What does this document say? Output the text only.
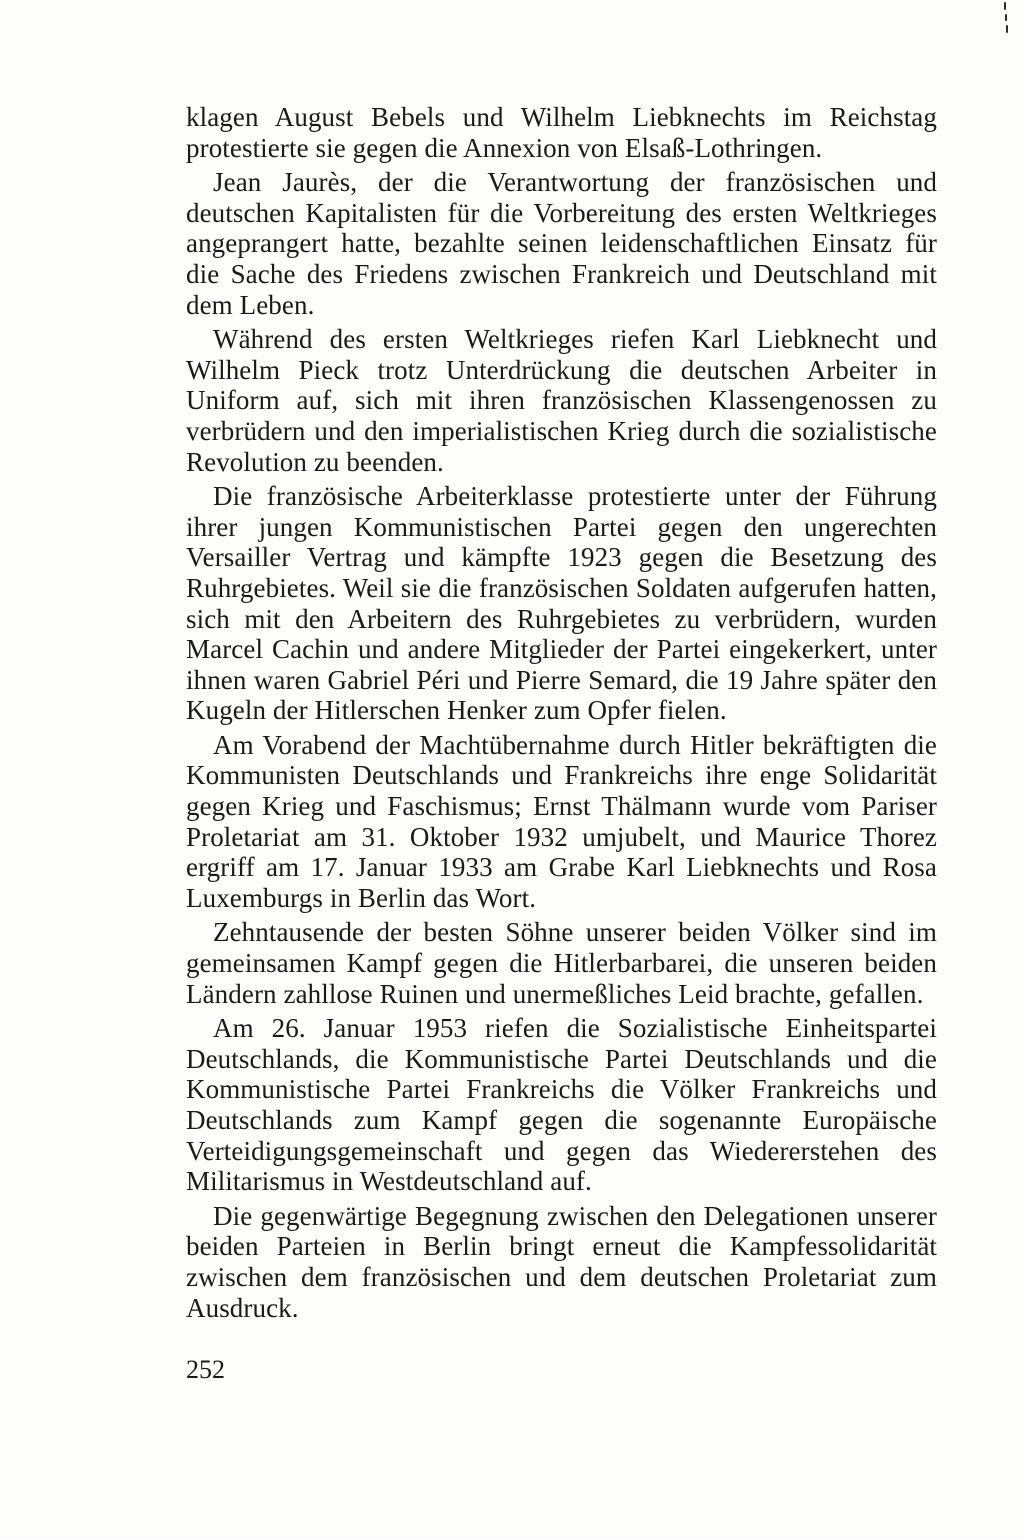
klagen August Bebels und Wilhelm Liebknechts im Reichstag protestierte sie gegen die Annexion von Elsaß-Lothringen.

Jean Jaurès, der die Verantwortung der französischen und deutschen Kapitalisten für die Vorbereitung des ersten Weltkrieges angeprangert hatte, bezahlte seinen leidenschaftlichen Einsatz für die Sache des Friedens zwischen Frankreich und Deutschland mit dem Leben.

Während des ersten Weltkrieges riefen Karl Liebknecht und Wilhelm Pieck trotz Unterdrückung die deutschen Arbeiter in Uniform auf, sich mit ihren französischen Klassengenossen zu verbrüdern und den imperialistischen Krieg durch die sozialistische Revolution zu beenden.

Die französische Arbeiterklasse protestierte unter der Führung ihrer jungen Kommunistischen Partei gegen den ungerechten Versailler Vertrag und kämpfte 1923 gegen die Besetzung des Ruhrgebietes. Weil sie die französischen Soldaten aufgerufen hatten, sich mit den Arbeitern des Ruhrgebietes zu verbrüdern, wurden Marcel Cachin und andere Mitglieder der Partei eingekerkert, unter ihnen waren Gabriel Péri und Pierre Semard, die 19 Jahre später den Kugeln der Hitlerschen Henker zum Opfer fielen.

Am Vorabend der Machtübernahme durch Hitler bekräftigten die Kommunisten Deutschlands und Frankreichs ihre enge Solidarität gegen Krieg und Faschismus; Ernst Thälmann wurde vom Pariser Proletariat am 31. Oktober 1932 umjubelt, und Maurice Thorez ergriff am 17. Januar 1933 am Grabe Karl Liebknechts und Rosa Luxemburgs in Berlin das Wort.

Zehntausende der besten Söhne unserer beiden Völker sind im gemeinsamen Kampf gegen die Hitlerbarbarei, die unseren beiden Ländern zahllose Ruinen und unermeßliches Leid brachte, gefallen.

Am 26. Januar 1953 riefen die Sozialistische Einheitspartei Deutschlands, die Kommunistische Partei Deutschlands und die Kommunistische Partei Frankreichs die Völker Frankreichs und Deutschlands zum Kampf gegen die sogenannte Europäische Verteidigungsgemeinschaft und gegen das Wiedererstehen des Militarismus in Westdeutschland auf.

Die gegenwärtige Begegnung zwischen den Delegationen unserer beiden Parteien in Berlin bringt erneut die Kampfessolidarität zwischen dem französischen und dem deutschen Proletariat zum Ausdruck.

252
